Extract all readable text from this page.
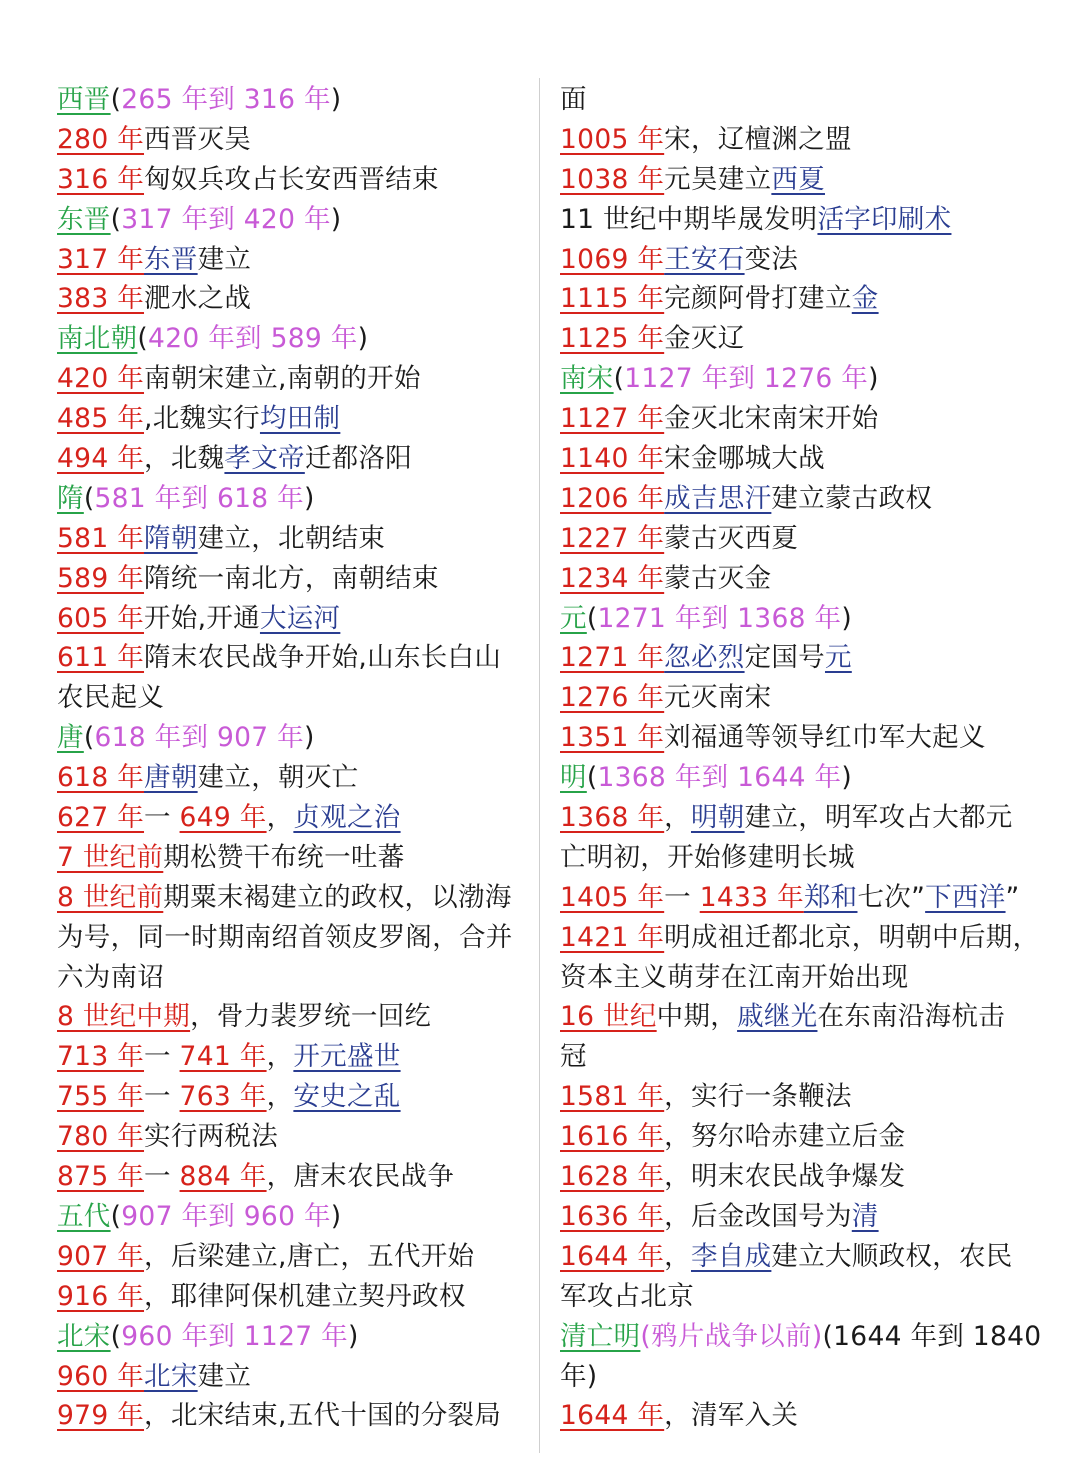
西晋(265 年到 316 年)
280 年西晋灭吴
316 年匈奴兵攻占长安西晋结束
东晋(317 年到 420 年)
317 年东晋建立
383 年淝水之战
南北朝(420 年到 589 年)
420 年南朝宋建立,南朝的开始
485 年,北魏实行均田制
494 年，北魏孝文帝迁都洛阳
隋(581 年到 618 年)
581 年隋朝建立，北朝结束
589 年隋统一南北方，南朝结束
605 年开始,开通大运河
611 年隋末农民战争开始,山东长白山
农民起义
唐(618 年到 907 年)
618 年唐朝建立，朝灭亡
627 年一 649 年，贞观之治
7 世纪前期松赞干布统一吐蕃
8 世纪前期粟末褐建立的政权，以渤海
为号，同一时期南绍首领皮罗阁，合并
六为南诏
8 世纪中期，骨力裴罗统一回纥
713 年一 741 年，开元盛世
755 年一 763 年，安史之乱
780 年实行两税法
875 年一 884 年，唐末农民战争
五代(907 年到 960 年)
907 年，后梁建立,唐亡，五代开始
916 年，耶律阿保机建立契丹政权
北宋(960 年到 1127 年)
960 年北宋建立
979 年，北宋结束,五代十国的分裂局
面
1005 年宋，辽檀渊之盟
1038 年元昊建立西夏
11 世纪中期毕晟发明活字印刷术
1069 年王安石变法
1115 年完颜阿骨打建立金
1125 年金灭辽
南宋(1127 年到 1276 年)
1127 年金灭北宋南宋开始
1140 年宋金哪城大战
1206 年成吉思汗建立蒙古政权
1227 年蒙古灭西夏
1234 年蒙古灭金
元(1271 年到 1368 年)
1271 年忽必烈定国号元
1276 年元灭南宋
1351 年刘福通等领导红巾军大起义
明(1368 年到 1644 年)
1368 年，明朝建立，明军攻占大都元
亡明初，开始修建明长城
1405 年一 1433 年郑和七次”下西洋”
1421 年明成祖迁都北京，明朝中后期，
资本主义萌芽在江南开始出现
16 世纪中期，戚继光在东南沿海杭击
冠
1581 年，实行一条鞭法
1616 年，努尔哈赤建立后金
1628 年，明末农民战争爆发
1636 年，后金改国号为清
1644 年，李自成建立大顺政权，农民
军攻占北京
清亡明(鸦片战争以前)(1644 年到 1840
年)
1644 年，清军入关
